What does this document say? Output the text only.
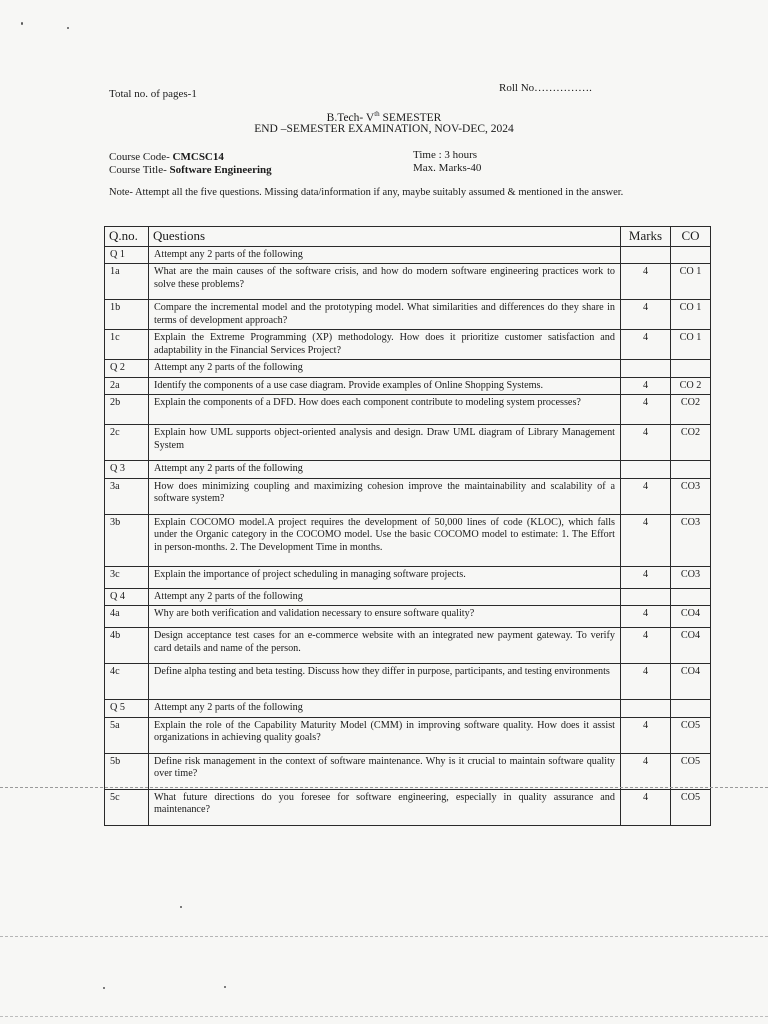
Total no. of pages-1	Roll No…………….
B.Tech- Vth SEMESTER
END –SEMESTER EXAMINATION, NOV-DEC, 2024
Course Code- CMCSC14
Course Title- Software Engineering
Time : 3 hours
Max. Marks-40
Note- Attempt all the five questions. Missing data/information if any, maybe suitably assumed & mentioned in the answer.
Q.no.	Questions	Marks	CO
Q 1	Attempt any 2 parts of the following		
1a	What are the main causes of the software crisis, and how do modern software engineering practices work to solve these problems?	4	CO 1
1b	Compare the incremental model and the prototyping model. What similarities and differences do they share in terms of development approach?	4	CO 1
1c	Explain the Extreme Programming (XP) methodology. How does it prioritize customer satisfaction and adaptability in the Financial Services Project?	4	CO 1
Q 2	Attempt any 2 parts of the following		
2a	Identify the components of a use case diagram. Provide examples of Online Shopping Systems.	4	CO 2
2b	Explain the components of a DFD. How does each component contribute to modeling system processes?	4	CO2
2c	Explain how UML supports object-oriented analysis and design. Draw UML diagram of Library Management System	4	CO2
Q 3	Attempt any 2 parts of the following		
3a	How does minimizing coupling and maximizing cohesion improve the maintainability and scalability of a software system?	4	CO3
3b	Explain COCOMO model.A project requires the development of 50,000 lines of code (KLOC), which falls under the Organic category in the COCOMO model. Use the basic COCOMO model to estimate: 1. The Effort in person-months. 2. The Development Time in months.	4	CO3
3c	Explain the importance of project scheduling in managing software projects.	4	CO3
Q 4	Attempt any 2 parts of the following		
4a	Why are both verification and validation necessary to ensure software quality?	4	CO4
4b	Design acceptance test cases for an e-commerce website with an integrated new payment gateway. To verify card details and name of the person.	4	CO4
4c	Define alpha testing and beta testing. Discuss how they differ in purpose, participants, and testing environments	4	CO4
Q 5	Attempt any 2 parts of the following		
5a	Explain the role of the Capability Maturity Model (CMM) in improving software quality. How does it assist organizations in achieving quality goals?	4	CO5
5b	Define risk management in the context of software maintenance. Why is it crucial to maintain software quality over time?	4	CO5
5c	What future directions do you foresee for software engineering, especially in quality assurance and maintenance?	4	CO5
